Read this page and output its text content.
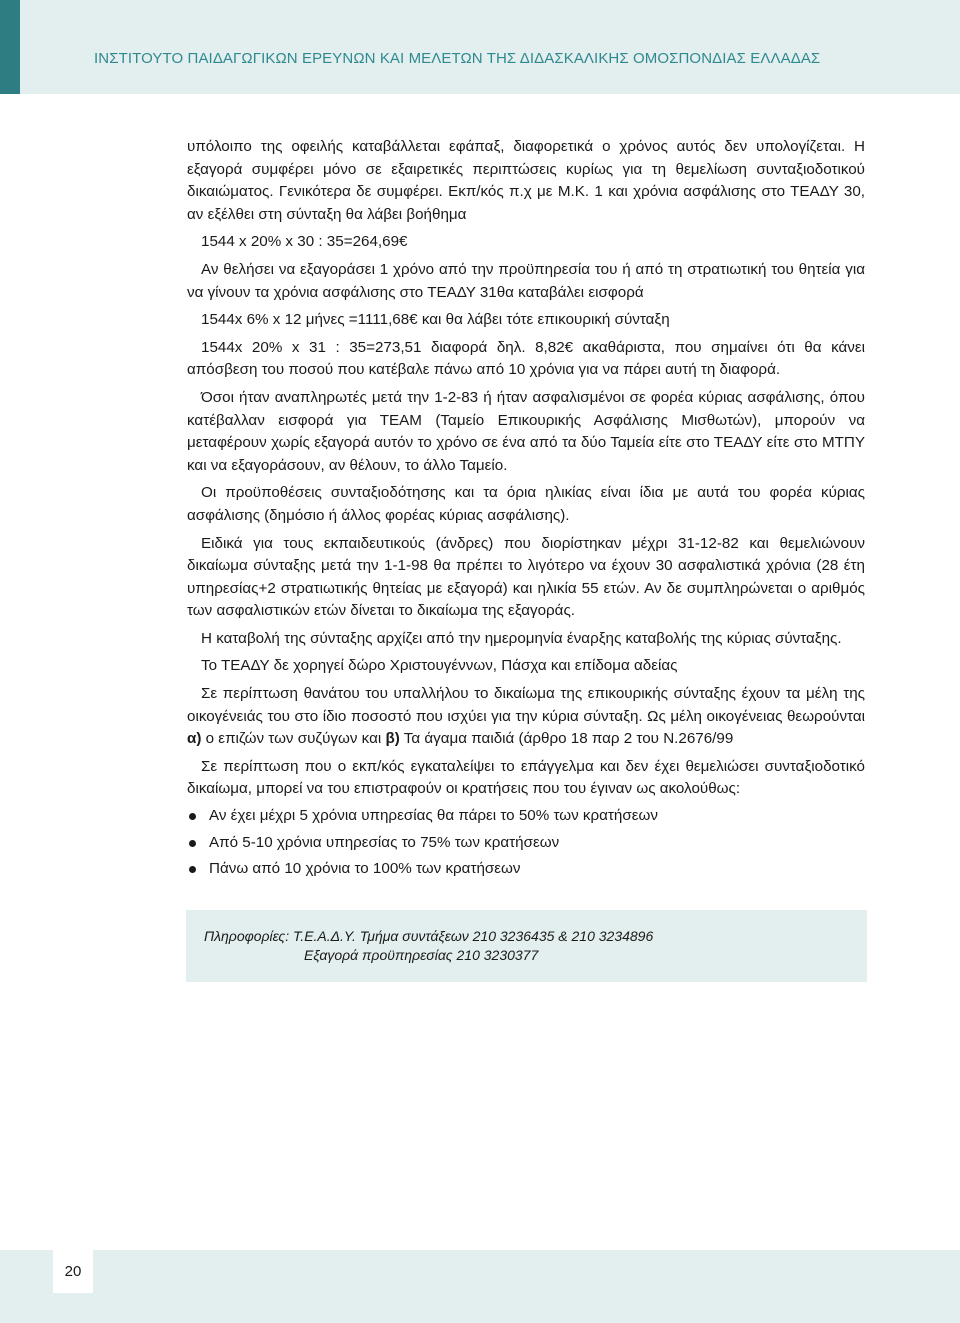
ΙΝΣΤΙΤΟΥΤΟ ΠΑΙΔΑΓΩΓΙΚΩΝ ΕΡΕΥΝΩΝ ΚΑΙ ΜΕΛΕΤΩΝ ΤΗΣ ΔΙΔΑΣΚΑΛΙΚΗΣ ΟΜΟΣΠΟΝΔΙΑΣ ΕΛΛΑΔΑΣ

υπόλοιπο της οφειλής καταβάλλεται εφάπαξ, διαφορετικά ο χρόνος αυτός δεν υπολογίζεται. Η εξαγορά συμφέρει μόνο σε εξαιρετικές περιπτώσεις κυρίως για τη θεμελίωση συνταξιοδοτικού δικαιώματος. Γενικότερα δε συμφέρει. Εκπ/κός π.χ με Μ.Κ. 1 και χρόνια ασφάλισης στο ΤΕΑΔΥ 30, αν εξέλθει στη σύνταξη θα λάβει βοήθημα

1544 x 20% x 30 : 35=264,69€

Αν θελήσει να εξαγοράσει 1 χρόνο από την προϋπηρεσία του ή από τη στρατιωτική του θητεία για να γίνουν τα χρόνια ασφάλισης στο ΤΕΑΔΥ 31θα καταβάλει εισφορά

1544x 6% x 12 μήνες =1111,68€ και θα λάβει τότε επικουρική σύνταξη

1544x 20% x 31 : 35=273,51 διαφορά δηλ. 8,82€ ακαθάριστα, που σημαίνει ότι θα κάνει απόσβεση του ποσού που κατέβαλε πάνω από 10 χρόνια για να πάρει αυτή τη διαφορά.

Όσοι ήταν αναπληρωτές μετά την 1-2-83 ή ήταν ασφαλισμένοι σε φορέα κύριας ασφάλισης, όπου κατέβαλλαν εισφορά για ΤΕΑΜ (Ταμείο Επικουρικής Ασφάλισης Μισθωτών), μπορούν να μεταφέρουν χωρίς εξαγορά αυτόν το χρόνο σε ένα από τα δύο Ταμεία είτε στο ΤΕΑΔΥ είτε στο ΜΤΠΥ και να εξαγοράσουν, αν θέλουν, το άλλο Ταμείο.

Οι προϋποθέσεις συνταξιοδότησης και τα όρια ηλικίας είναι ίδια με αυτά του φορέα κύριας ασφάλισης (δημόσιο ή άλλος φορέας κύριας ασφάλισης).

Ειδικά για τους εκπαιδευτικούς (άνδρες) που διορίστηκαν μέχρι 31-12-82 και θεμελιώνουν δικαίωμα σύνταξης μετά την 1-1-98 θα πρέπει το λιγότερο να έχουν 30 ασφαλιστικά χρόνια (28 έτη υπηρεσίας+2 στρατιωτικής θητείας με εξαγορά) και ηλικία 55 ετών. Αν δε συμπληρώνεται ο αριθμός των ασφαλιστικών ετών δίνεται το δικαίωμα της εξαγοράς.

Η καταβολή της σύνταξης αρχίζει από την ημερομηνία έναρξης καταβολής της κύριας σύνταξης.

Το ΤΕΑΔΥ δε χορηγεί δώρο Χριστουγέννων, Πάσχα και επίδομα αδείας

Σε περίπτωση θανάτου του υπαλλήλου το δικαίωμα της επικουρικής σύνταξης έχουν τα μέλη της οικογένειάς του στο ίδιο ποσοστό που ισχύει για την κύρια σύνταξη. Ως μέλη οικογένειας θεωρούνται α) ο επιζών των συζύγων και β) Τα άγαμα παιδιά (άρθρο 18 παρ 2 του Ν.2676/99

Σε περίπτωση που ο εκπ/κός εγκαταλείψει το επάγγελμα και δεν έχει θεμελιώσει συνταξιοδοτικό δικαίωμα, μπορεί να του επιστραφούν οι κρατήσεις που του έγιναν ως ακολούθως:

Αν έχει μέχρι 5 χρόνια υπηρεσίας θα πάρει το 50% των κρατήσεων
Από 5-10 χρόνια υπηρεσίας το 75% των κρατήσεων
Πάνω από 10 χρόνια το 100% των κρατήσεων
Πληροφορίες: Τ.Ε.Α.Δ.Υ. Τμήμα συντάξεων 210 3236435 & 210 3234896
Εξαγορά προϋπηρεσίας 210 3230377
20
